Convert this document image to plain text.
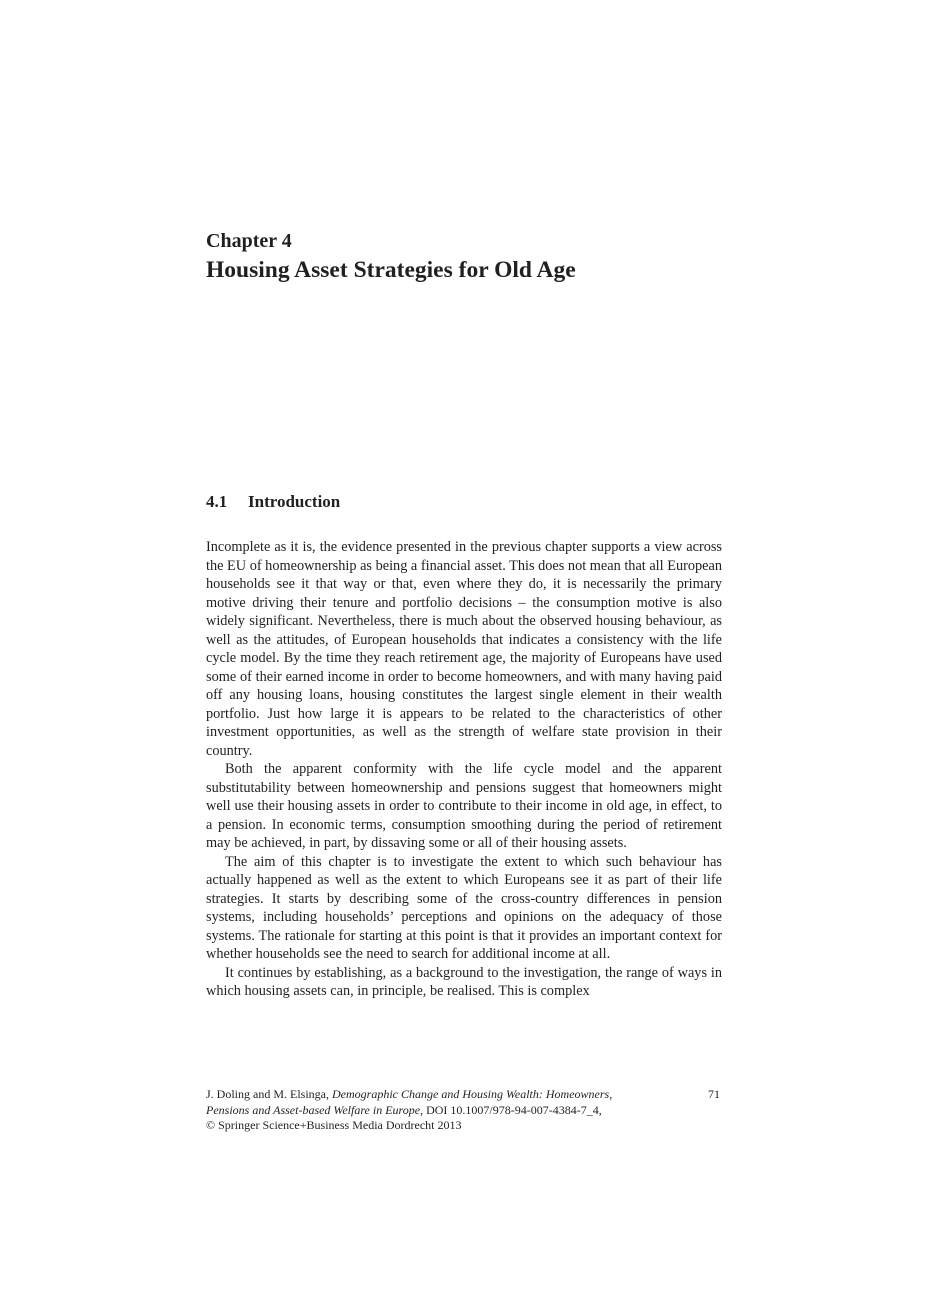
Chapter 4
Housing Asset Strategies for Old Age
4.1 Introduction

Incomplete as it is, the evidence presented in the previous chapter supports a view across the EU of homeownership as being a financial asset. This does not mean that all European households see it that way or that, even where they do, it is necessarily the primary motive driving their tenure and portfolio decisions – the consumption motive is also widely significant. Nevertheless, there is much about the observed housing behaviour, as well as the attitudes, of European households that indicates a consistency with the life cycle model. By the time they reach retirement age, the majority of Europeans have used some of their earned income in order to become homeowners, and with many having paid off any housing loans, housing constitutes the largest single element in their wealth portfolio. Just how large it is appears to be related to the characteristics of other investment opportunities, as well as the strength of welfare state provision in their country.

Both the apparent conformity with the life cycle model and the apparent substitutability between homeownership and pensions suggest that homeowners might well use their housing assets in order to contribute to their income in old age, in effect, to a pension. In economic terms, consumption smoothing during the period of retirement may be achieved, in part, by dissaving some or all of their housing assets.

The aim of this chapter is to investigate the extent to which such behaviour has actually happened as well as the extent to which Europeans see it as part of their life strategies. It starts by describing some of the cross-country differences in pension systems, including households’ perceptions and opinions on the adequacy of those systems. The rationale for starting at this point is that it provides an important context for whether households see the need to search for additional income at all.

It continues by establishing, as a background to the investigation, the range of ways in which housing assets can, in principle, be realised. This is complex

J. Doling and M. Elsinga, Demographic Change and Housing Wealth: Homeowners, Pensions and Asset-based Welfare in Europe, DOI 10.1007/978-94-007-4384-7_4,
© Springer Science+Business Media Dordrecht 2013
71
